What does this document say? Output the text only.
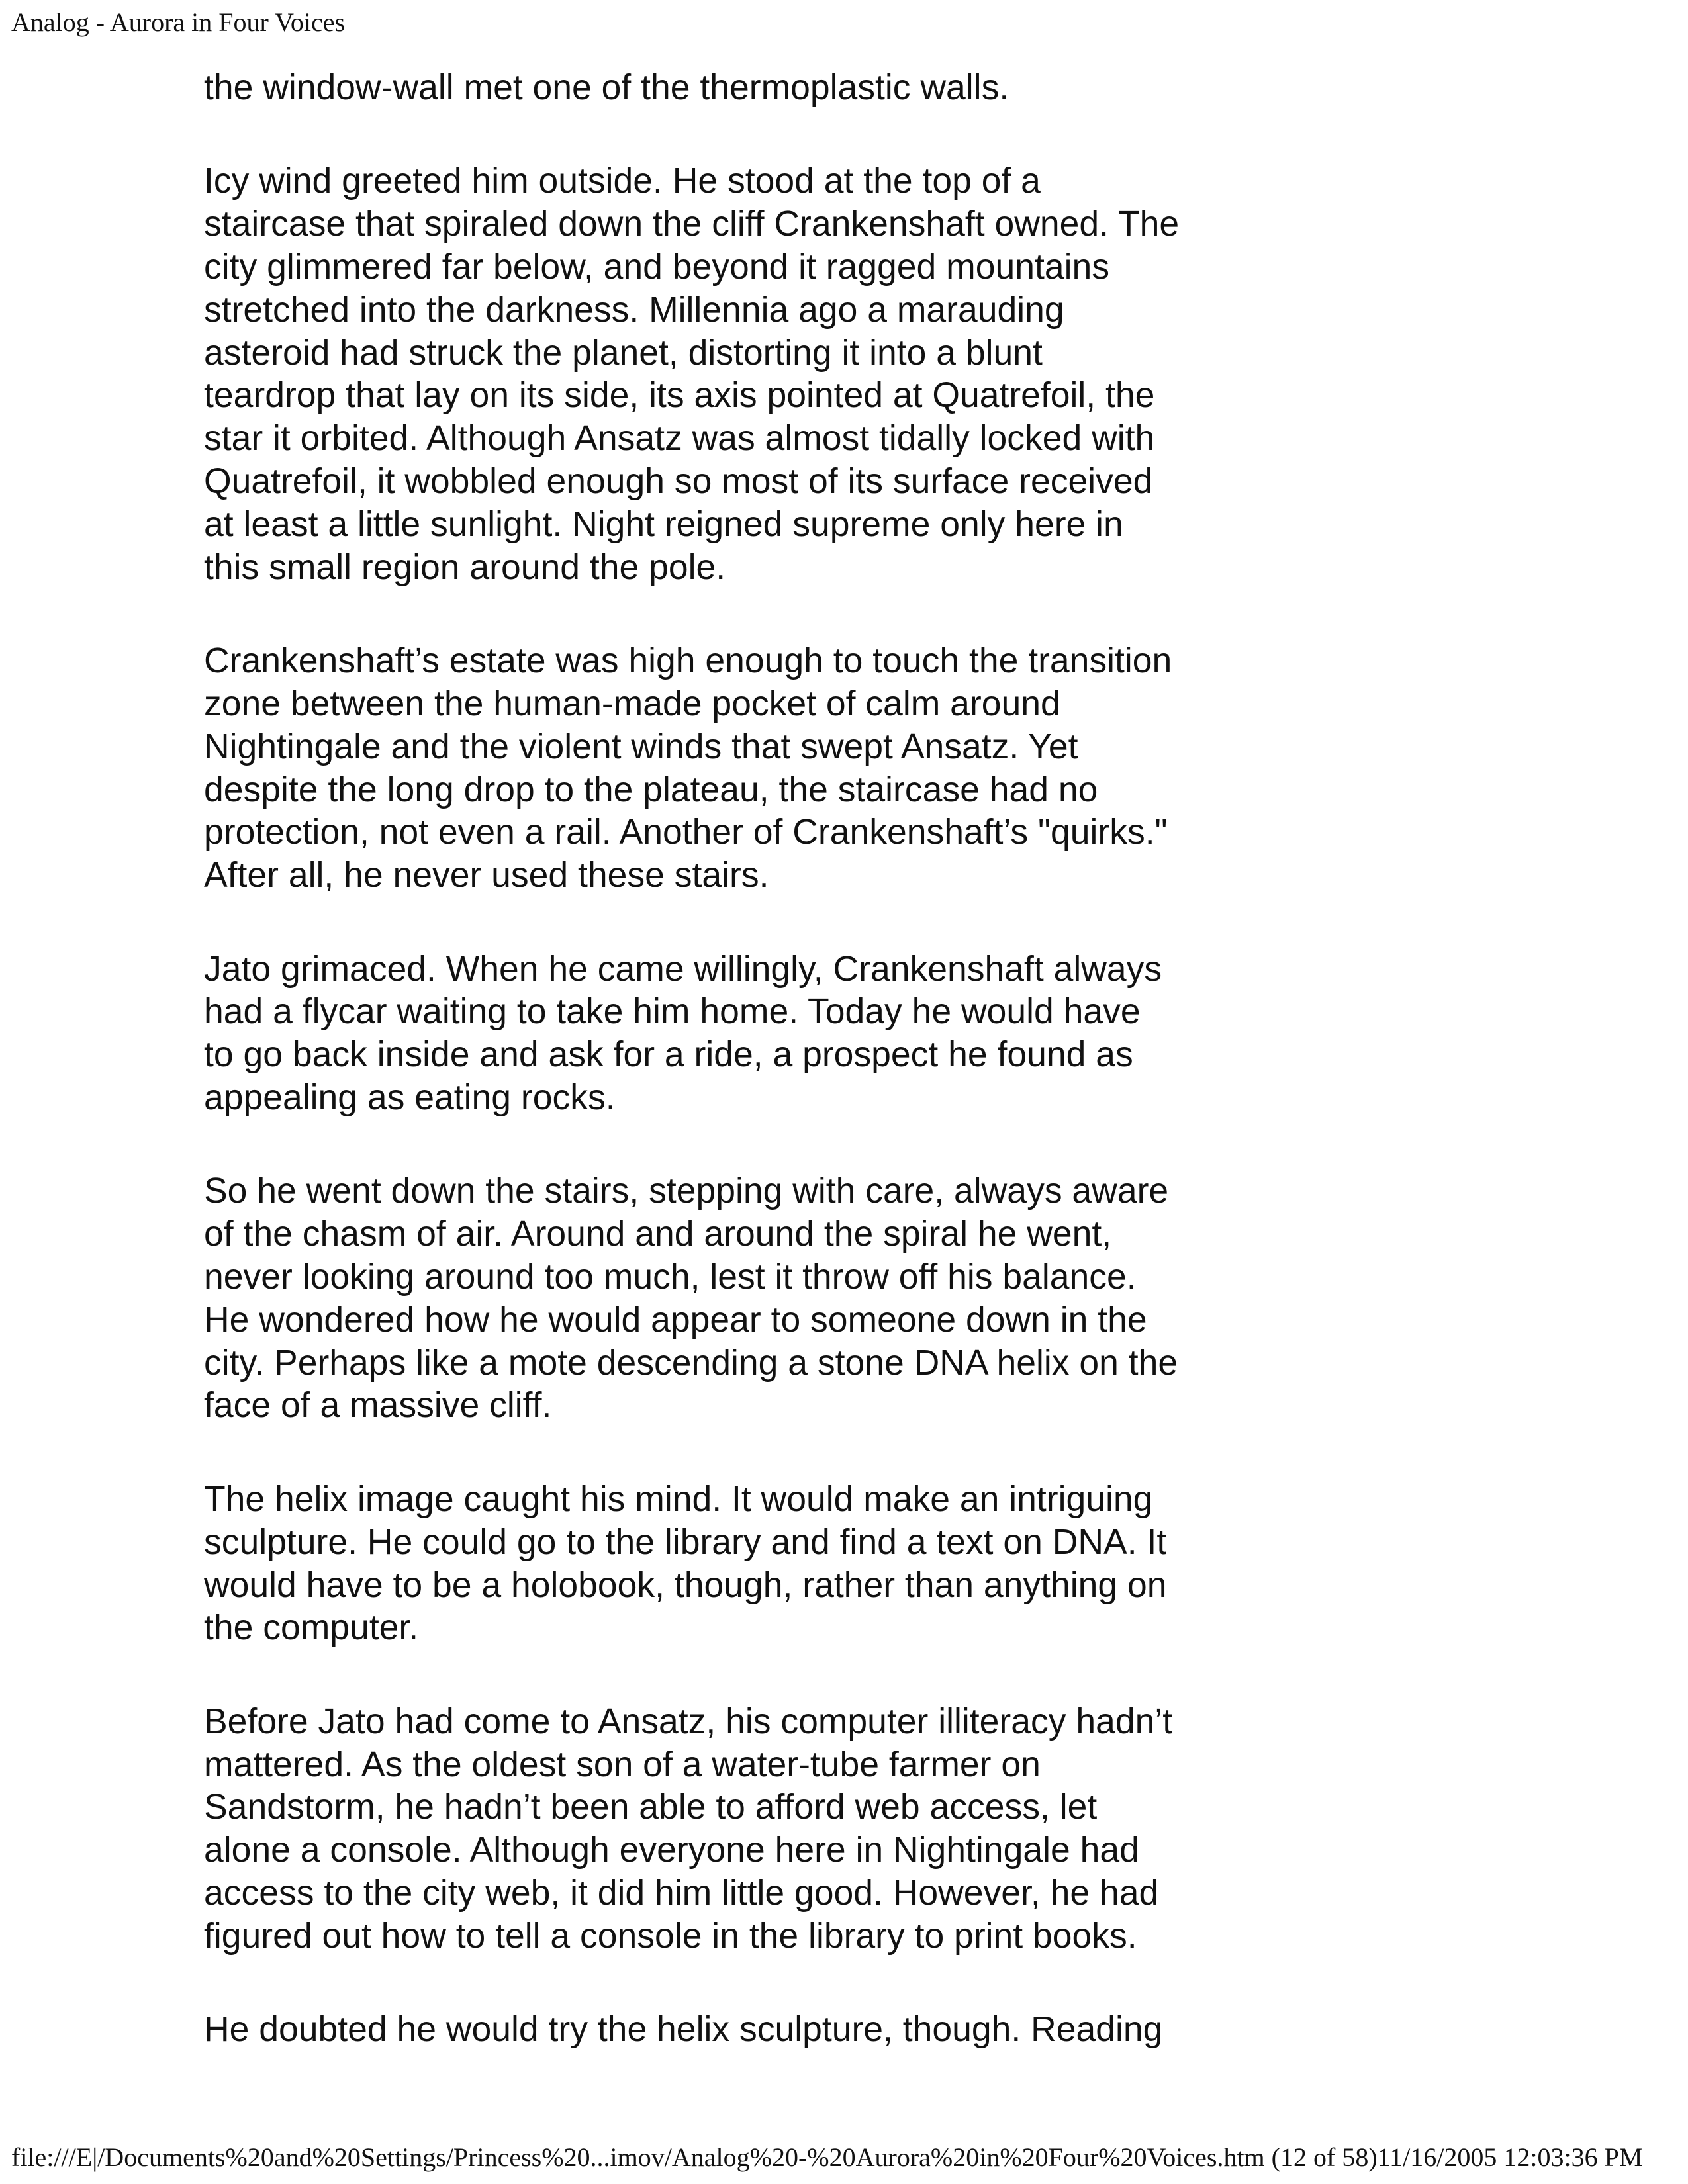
Analog - Aurora in Four Voices
the window-wall met one of the thermoplastic walls.
Icy wind greeted him outside. He stood at the top of a
staircase that spiraled down the cliff Crankenshaft owned. The
city glimmered far below, and beyond it ragged mountains
stretched into the darkness. Millennia ago a marauding
asteroid had struck the planet, distorting it into a blunt
teardrop that lay on its side, its axis pointed at Quatrefoil, the
star it orbited. Although Ansatz was almost tidally locked with
Quatrefoil, it wobbled enough so most of its surface received
at least a little sunlight. Night reigned supreme only here in
this small region around the pole.
Crankenshaft’s estate was high enough to touch the transition
zone between the human-made pocket of calm around
Nightingale and the violent winds that swept Ansatz. Yet
despite the long drop to the plateau, the staircase had no
protection, not even a rail. Another of Crankenshaft’s "quirks."
After all, he never used these stairs.
Jato grimaced. When he came willingly, Crankenshaft always
had a flycar waiting to take him home. Today he would have
to go back inside and ask for a ride, a prospect he found as
appealing as eating rocks.
So he went down the stairs, stepping with care, always aware
of the chasm of air. Around and around the spiral he went,
never looking around too much, lest it throw off his balance.
He wondered how he would appear to someone down in the
city. Perhaps like a mote descending a stone DNA helix on the
face of a massive cliff.
The helix image caught his mind. It would make an intriguing
sculpture. He could go to the library and find a text on DNA. It
would have to be a holobook, though, rather than anything on
the computer.
Before Jato had come to Ansatz, his computer illiteracy hadn’t
mattered. As the oldest son of a water-tube farmer on
Sandstorm, he hadn’t been able to afford web access, let
alone a console. Although everyone here in Nightingale had
access to the city web, it did him little good. However, he had
figured out how to tell a console in the library to print books.
He doubted he would try the helix sculpture, though. Reading
file:///E|/Documents%20and%20Settings/Princess%20...imov/Analog%20-%20Aurora%20in%20Four%20Voices.htm (12 of 58)11/16/2005 12:03:36 PM
